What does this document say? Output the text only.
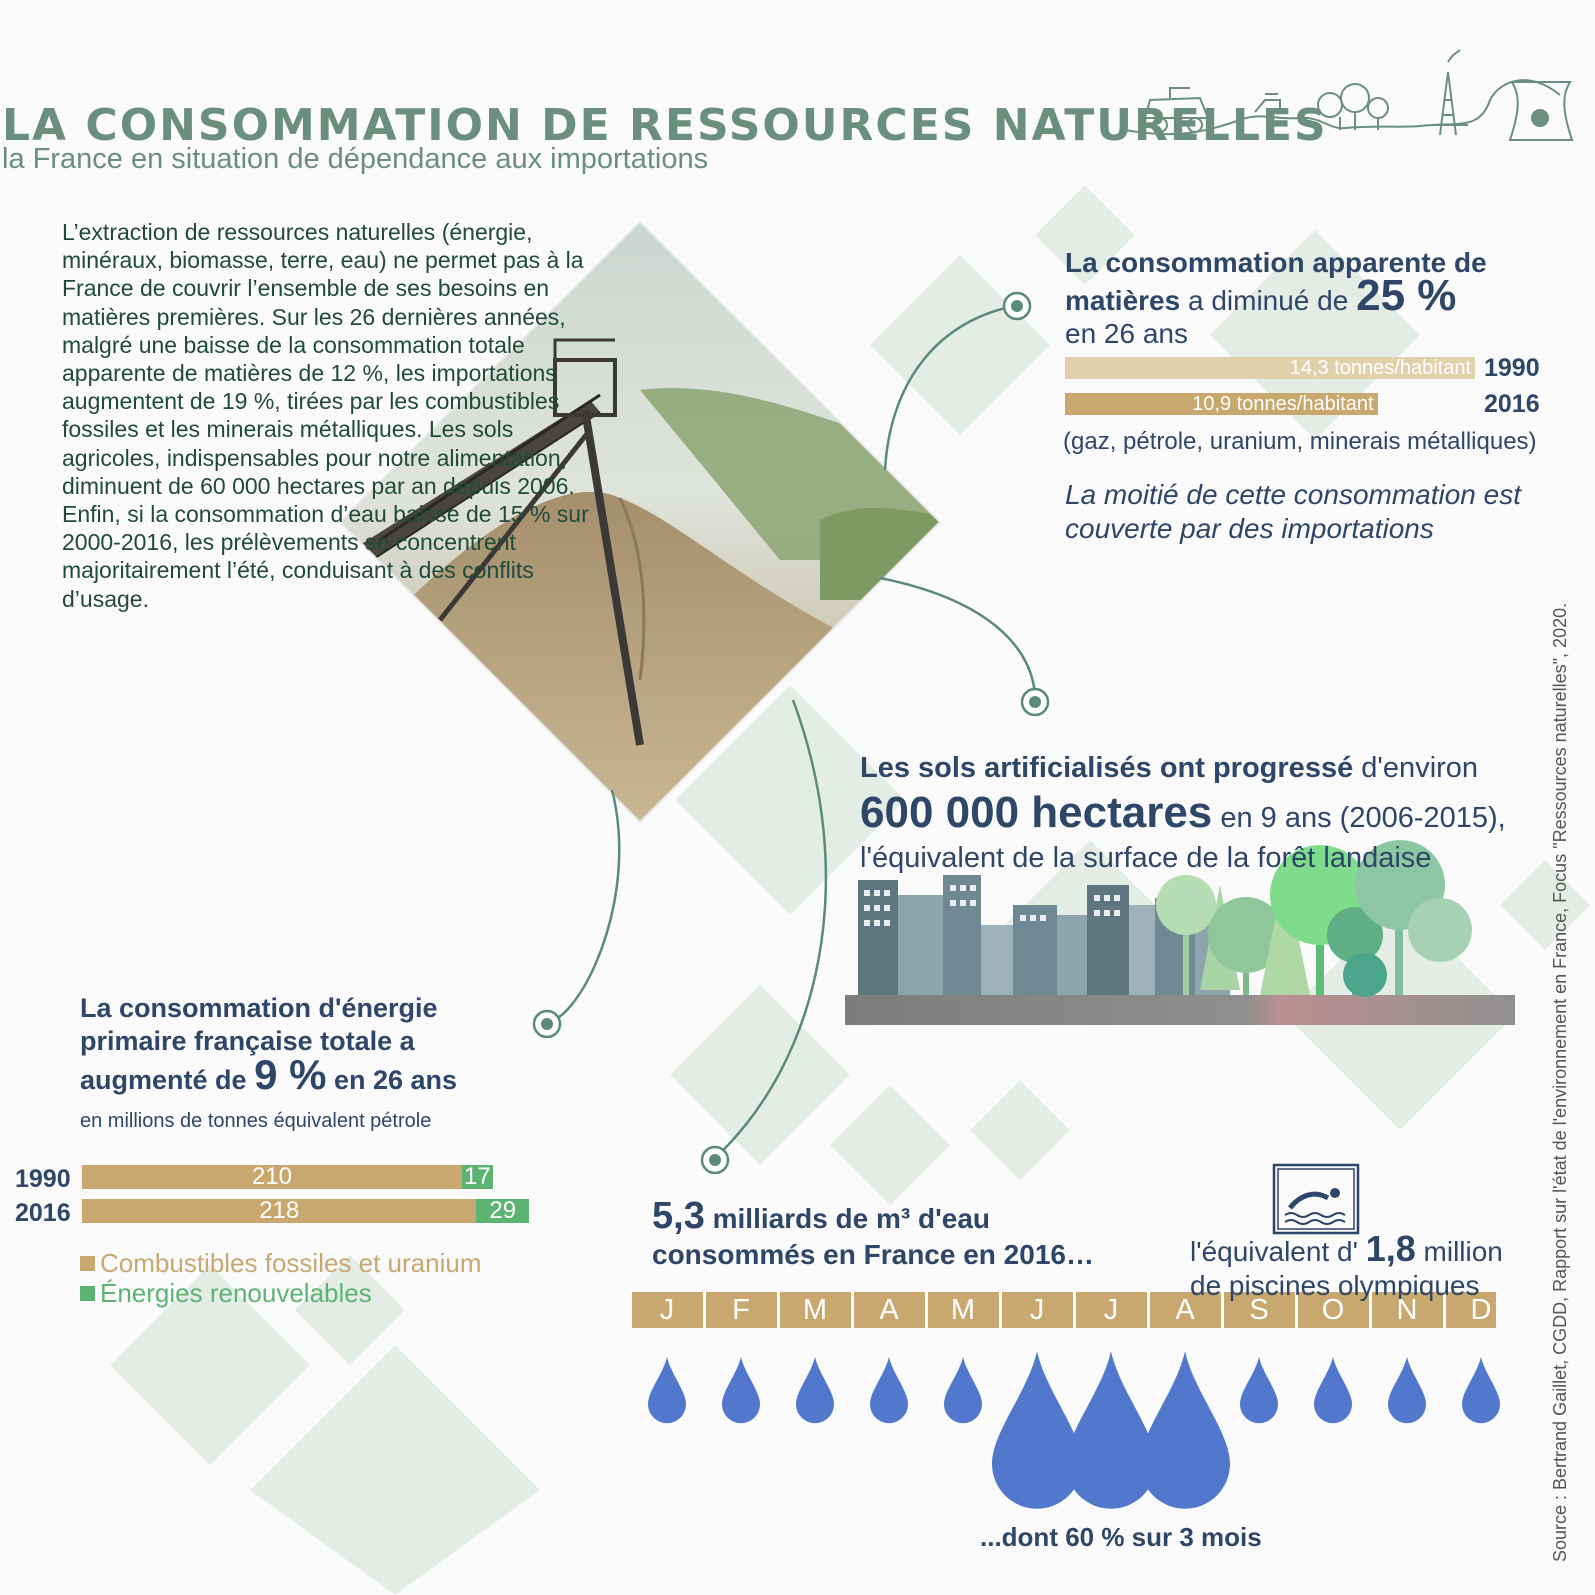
LA CONSOMMATION DE RESSOURCES NATURELLES
la France en situation de dépendance aux importations
L’extraction de ressources naturelles (énergie, minéraux, biomasse, terre, eau) ne permet pas à la France de couvrir l’ensemble de ses besoins en matières premières. Sur les 26 dernières années, malgré une baisse de la consommation totale apparente de matières de 12 %, les importations augmentent de 19 %, tirées par les combustibles fossiles et les minerais métalliques. Les sols agricoles, indispensables pour notre alimentation, diminuent de 60 000 hectares par an depuis 2006. Enfin, si la consommation d’eau baisse de 15 % sur 2000-2016, les prélèvements se concentrent majoritairement l’été, conduisant à des conflits d’usage.
La consommation apparente de
matières a diminué de 25 %
en 26 ans
14,3 tonnes/habitant 1990
10,9 tonnes/habitant	2016
(gaz, pétrole, uranium, minerais métalliques)
La moitié de cette consommation est couverte par des importations
Les sols artificialisés ont progressé d'environ
600 000 hectares en 9 ans (2006-2015),
l'équivalent de la surface de la forêt landaise
La consommation d'énergie
primaire française totale a
augmenté de 9 % en 26 ans
en millions de tonnes équivalent pétrole
1990	210	17
2016	218	29
Combustibles fossiles et uranium
Énergies renouvelables
5,3 milliards de m³ d'eau
consommés en France en 2016…	l'équivalent d' 1,8 million
de piscines olympiques
J	F	M	A	M	J	J	A	S	O	N	D
...dont 60 % sur 3 mois	Source : Bertrand Gaillet, CGDD, Rapport sur l'état de l'environnement en France, Focus "Ressources naturelles", 2020.
